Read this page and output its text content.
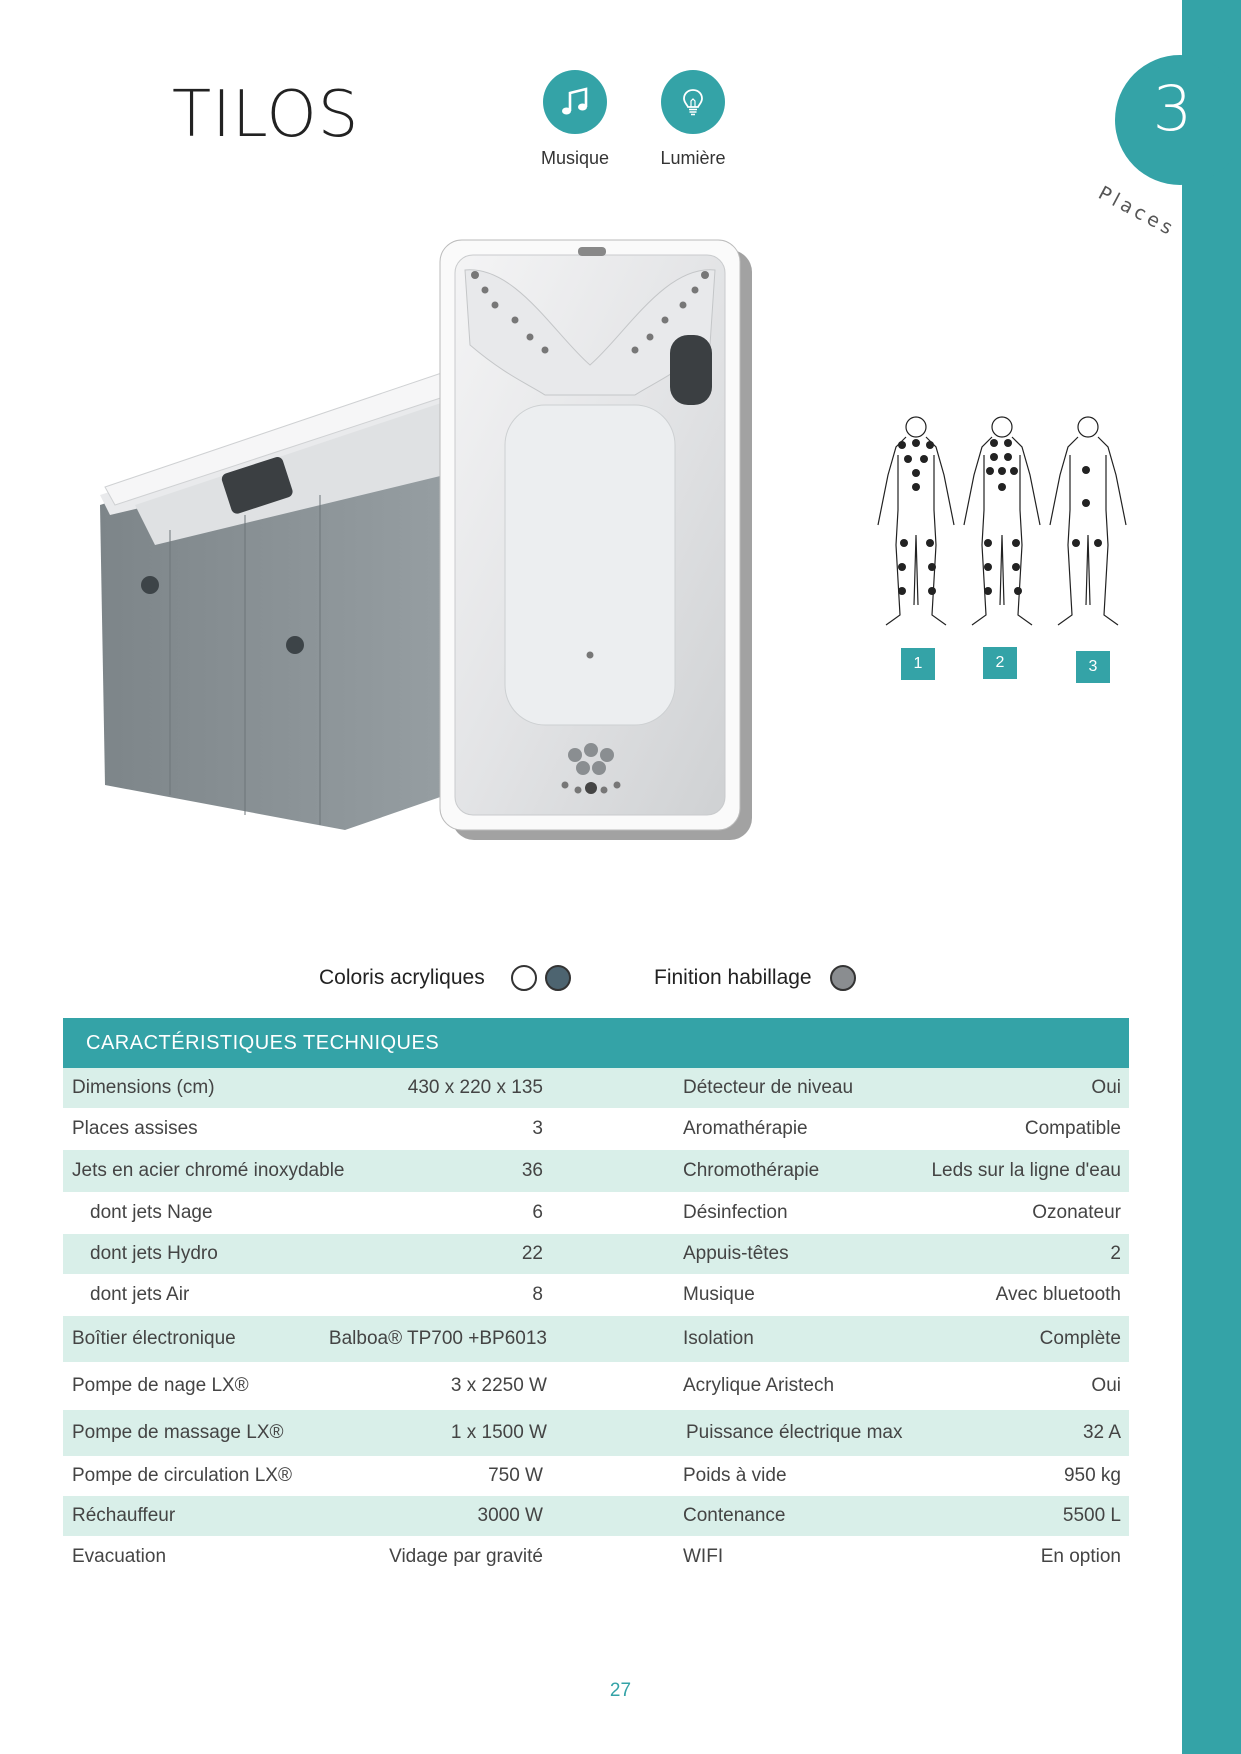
3
Places
TILOS
Musique	Lumière
1	2	3
Coloris acryliques	Finition habillage
CARACTÉRISTIQUES TECHNIQUES
Dimensions (cm)	430 x 220 x 135	Détecteur de niveau	Oui
Places assises	3	Aromathérapie	Compatible
Jets en acier chromé inoxydable	36	Chromothérapie	Leds sur la ligne d'eau
dont jets Nage	6	Désinfection	Ozonateur
dont jets Hydro	22	Appuis-têtes	2
dont jets Air	8	Musique	Avec bluetooth
Boîtier électronique	Balboa® TP700 +BP6013	Isolation	Complète
Pompe de nage LX®	3 x 2250 W	Acrylique Aristech	Oui
Pompe de massage LX®	1 x 1500 W	Puissance électrique max	32 A
Pompe de circulation LX®	750 W	Poids à vide	950 kg
Réchauffeur	3000 W	Contenance	5500 L
Evacuation	Vidage par gravité	WIFI	En option
27
